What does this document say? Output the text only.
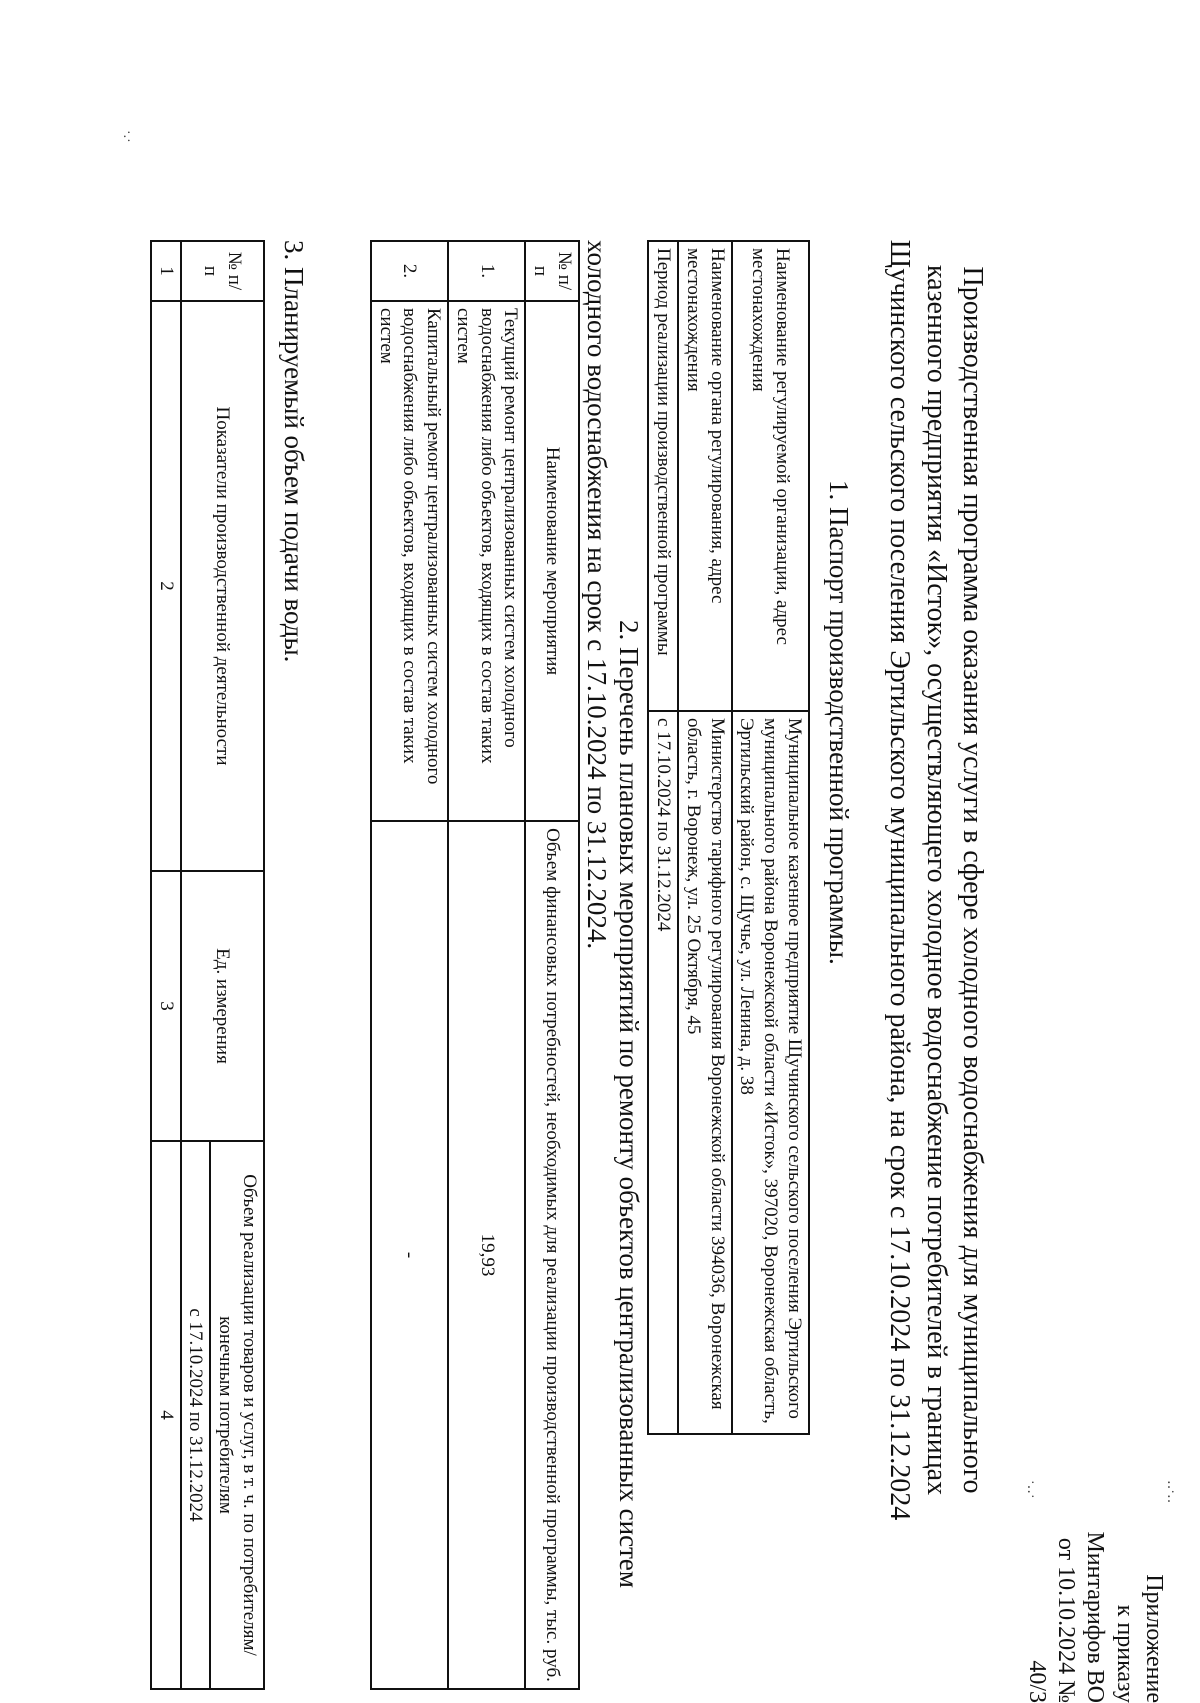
‥·‥
·‥·
·.·
Приложение
к приказу Минтарифов ВО
от 10.10.2024 № 40/3
Производственная программа оказания услуги в сфере холодного водоснабжения для муниципального казенного предприятия «Исток», осуществляющего холодное водоснабжение потребителей в границах Щучинского сельского поселения Эртильского муниципального района, на срок с 17.10.2024 по 31.12.2024
1. Паспорт производственной программы.
Наименование регулируемой организации, адрес местонахождения	Муниципальное казенное предприятие Щучинского сельского поселения Эртильского муниципального района Воронежской области «Исток», 397020, Воронежская область, Эртильский район, с. Щучье, ул. Ленина, д. 38
Наименование органа регулирования, адрес местонахождения	Министерство тарифного регулирования Воронежской области 394036, Воронежская область, г. Воронеж, ул. 25 Октября, 45
Период реализации производственной программы	с 17.10.2024 по 31.12.2024
2. Перечень плановых мероприятий по ремонту объектов централизованных систем холодного водоснабжения на срок с 17.10.2024 по 31.12.2024.
№ п/п	Наименование мероприятия	Объем финансовых потребностей, необходимых для реализации производственной программы, тыс. руб.
1.	Текущий ремонт централизованных систем холодного водоснабжения либо объектов, входящих в состав таких систем	19,93
2.	Капитальный ремонт централизованных систем холодного водоснабжения либо объектов, входящих в состав таких систем	-
3. Планируемый объем подачи воды.
№ п/п	Показатели производственной деятельности	Ед. измерения	Объем реализации товаров и услуг, в т. ч. по потребителям/конечным потребителям
			с 17.10.2024 по 31.12.2024
1	2	3	4
